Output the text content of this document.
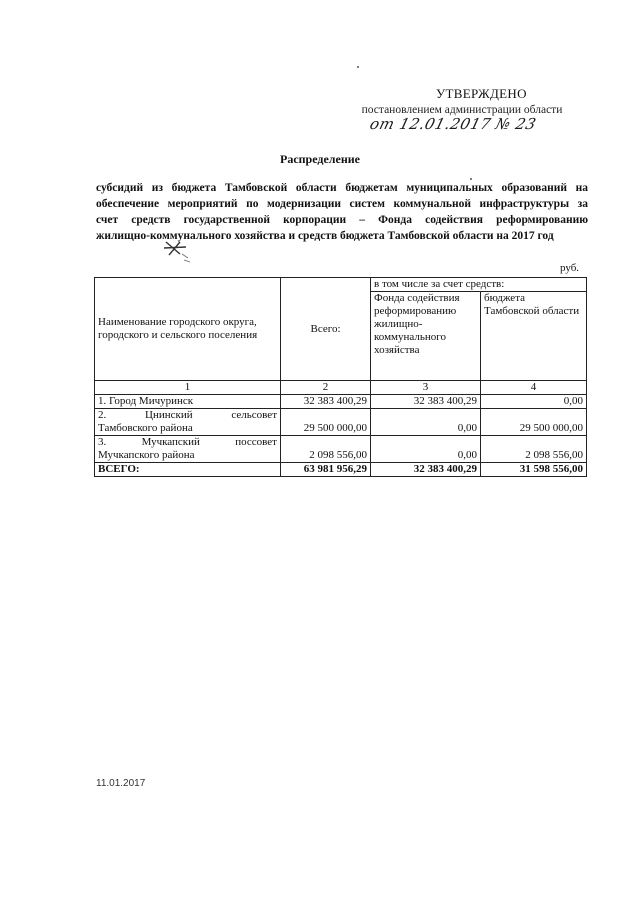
УТВЕРЖДЕНО
постановлением администрации области
от 12.01.2017 № 23
Распределение
субсидий из бюджета Тамбовской области бюджетам муниципальных образований на
обеспечение мероприятий по модернизации систем коммунальной инфраструктуры за
счет средств государственной корпорации – Фонда содействия реформированию
жилищно-коммунального хозяйства и средств бюджета Тамбовской области на 2017 год
руб.
Наименование городского округа, городского и сельского поселения	Всего:	в том числе за счет средств:	
		Фонда содействия реформированию жилищно-коммунального хозяйства	бюджета Тамбовской области
1	2	3	4
1. Город Мичуринск	32 383 400,29	32 383 400,29	0,00

2. Цнинский сельсовет
Тамбовского района	29 500 000,00	0,00	29 500 000,00

3. Мучкапский поссовет
Мучкапского района	2 098 556,00	0,00	2 098 556,00
ВСЕГО:	63 981 956,29	32 383 400,29	31 598 556,00
11.01.2017
